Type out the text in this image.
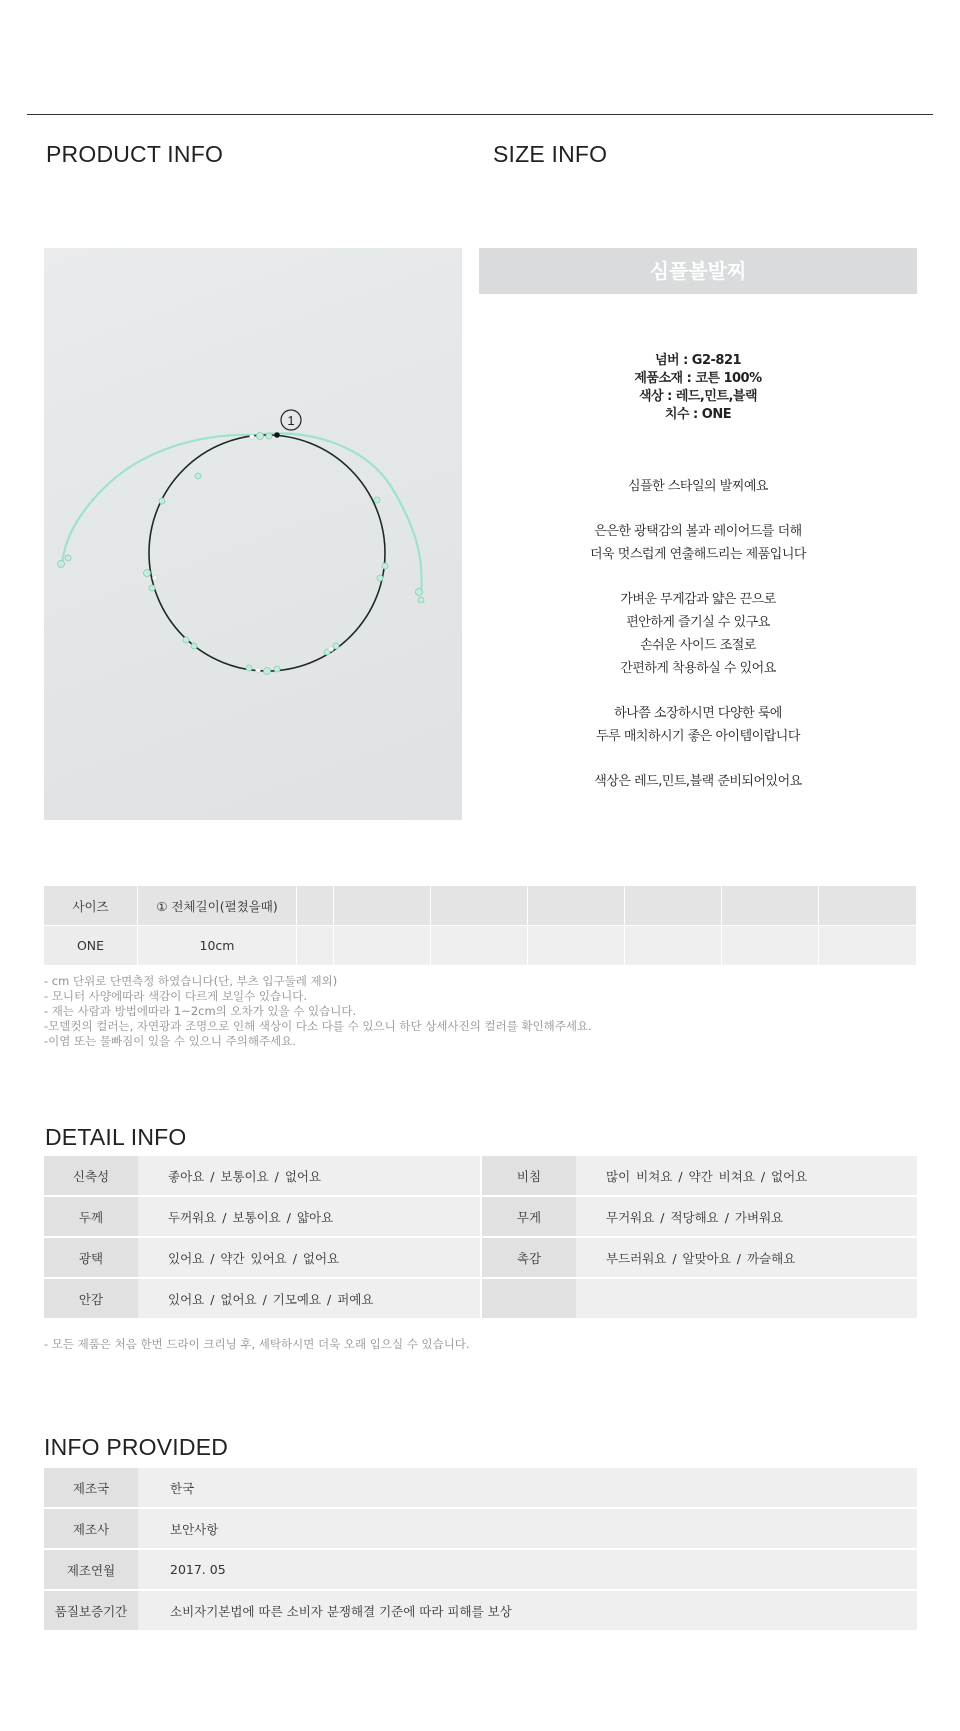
PRODUCT INFO	SIZE INFO
1
심플볼발찌
넘버 : G2-821
제품소재 : 코튼 100%
색상 : 레드,민트,블랙
치수 : ONE
심플한 스타일의 발찌예요
은은한 광택감의 볼과 레이어드를 더해
더욱 멋스럽게 연출해드리는 제품입니다
가벼운 무게감과 얇은 끈으로
편안하게 즐기실 수 있구요
손쉬운 사이드 조절로
간편하게 착용하실 수 있어요
하나쯤 소장하시면 다양한 룩에
두루 매치하시기 좋은 아이템이랍니다
색상은 레드,민트,블랙 준비되어있어요
사이즈	① 전체길이(펼쳤을때)							
ONE	10cm							
- cm 단위로 단면측정 하였습니다(단, 부츠 입구둘레 제외)
- 모니터 사양에따라 색감이 다르게 보일수 있습니다.
- 재는 사람과 방법에따라 1~2cm의 오차가 있을 수 있습니다.
-모델컷의 컬러는, 자연광과 조명으로 인해 색상이 다소 다를 수 있으니 하단 상세사진의 컬러를 확인해주세요.
-이염 또는 물빠짐이 있을 수 있으니 주의해주세요.
DETAIL INFO
신축성	좋아요 / 보통이요 / 없어요	비침	많이 비쳐요 / 약간 비쳐요 / 없어요
두께	두꺼워요 / 보통이요 / 얇아요	무게	무거워요 / 적당해요 / 가벼워요
광택	있어요 / 약간 있어요 / 없어요	촉감	부드러워요 / 알맞아요 / 까슬해요
안감	있어요 / 없어요 / 기모예요 / 퍼예요		
- 모든 제품은 처음 한번 드라이 크리닝 후, 세탁하시면 더욱 오래 입으실 수 있습니다.
INFO PROVIDED
제조국	한국
제조사	보안사항
제조연월	2017. 05
품질보증기간	소비자기본법에 따른 소비자 분쟁해결 기준에 따라 피해를 보상
